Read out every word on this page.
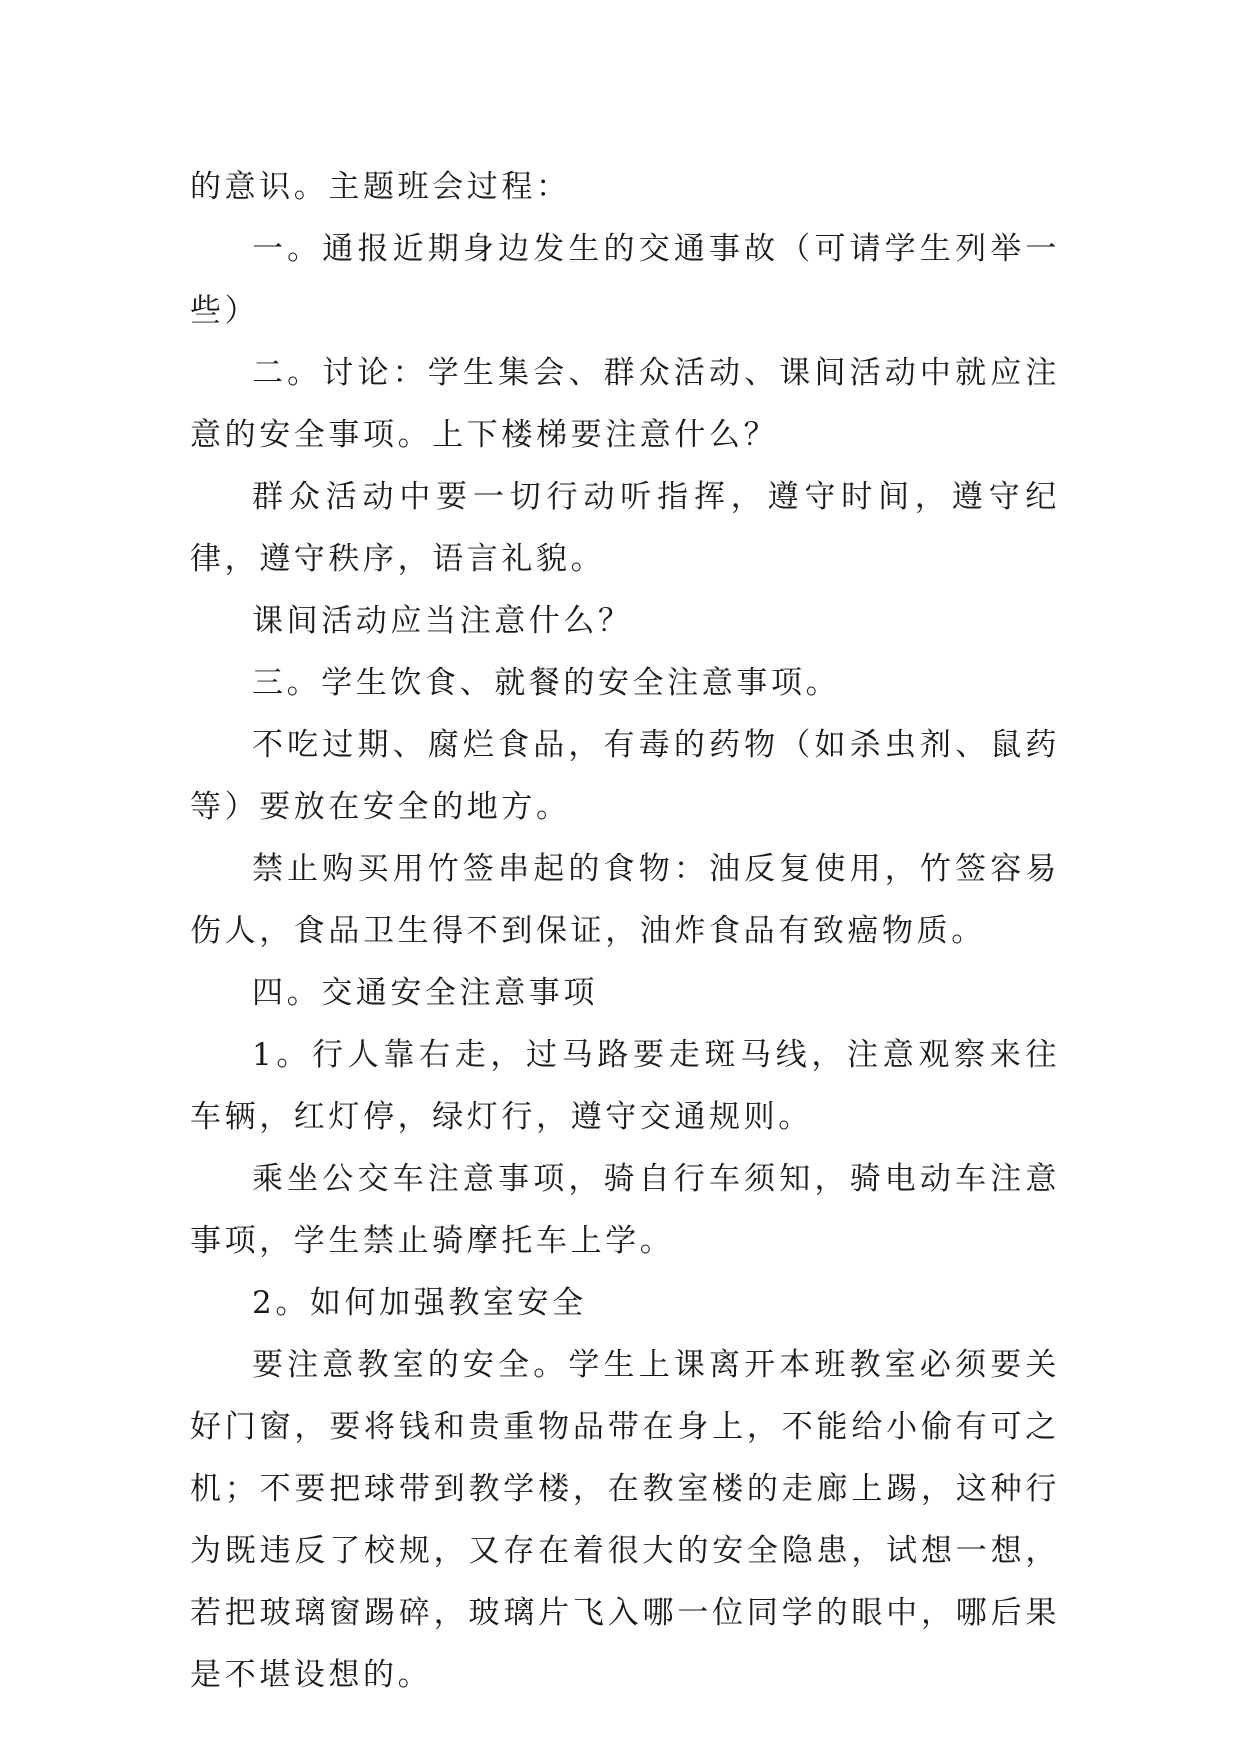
的意识。主题班会过程：

一。通报近期身边发生的交通事故（可请学生列举一些）

二。讨论：学生集会、群众活动、课间活动中就应注意的安全事项。上下楼梯要注意什么？

群众活动中要一切行动听指挥，遵守时间，遵守纪律，遵守秩序，语言礼貌。

课间活动应当注意什么？

三。学生饮食、就餐的安全注意事项。

不吃过期、腐烂食品，有毒的药物（如杀虫剂、鼠药等）要放在安全的地方。

禁止购买用竹签串起的食物：油反复使用，竹签容易伤人，食品卫生得不到保证，油炸食品有致癌物质。

四。交通安全注意事项

1。行人靠右走，过马路要走斑马线，注意观察来往车辆，红灯停，绿灯行，遵守交通规则。

乘坐公交车注意事项，骑自行车须知，骑电动车注意事项，学生禁止骑摩托车上学。

2。如何加强教室安全

要注意教室的安全。学生上课离开本班教室必须要关好门窗，要将钱和贵重物品带在身上，不能给小偷有可之机；不要把球带到教学楼，在教室楼的走廊上踢，这种行为既违反了校规，又存在着很大的安全隐患，试想一想，若把玻璃窗踢碎，玻璃片飞入哪一位同学的眼中，哪后果是不堪设想的。
